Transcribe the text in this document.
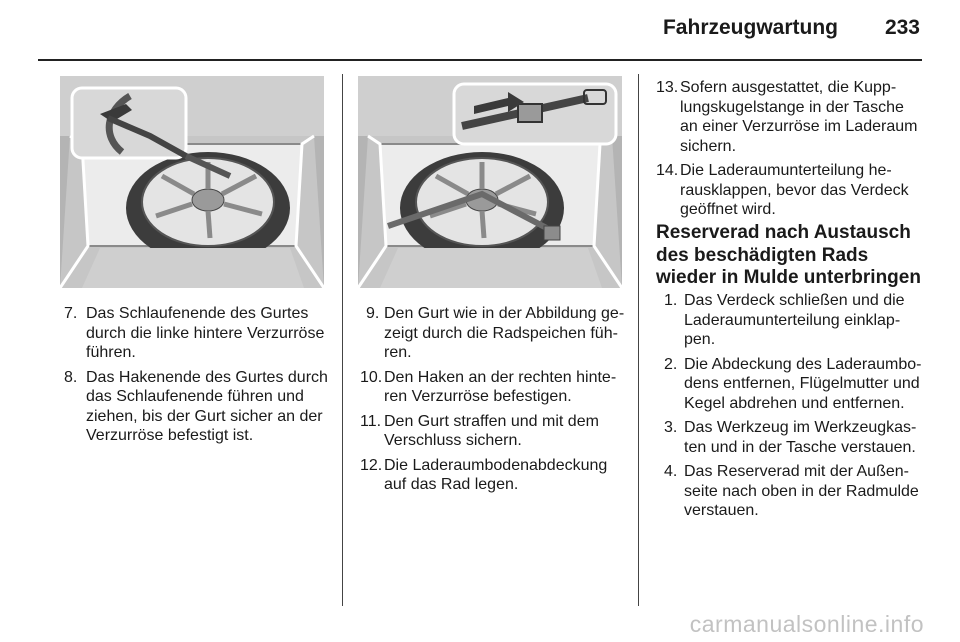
Fahrzeugwartung 233
7. Das Schlaufenende des Gurtes durch die linke hintere Verzurröse führen.
8. Das Hakenende des Gurtes durch das Schlaufenende führen und ziehen, bis der Gurt sicher an der Verzurröse befestigt ist.
9. Den Gurt wie in der Abbildung gezeigt durch die Radspeichen führen.
10. Den Haken an der rechten hinteren Verzurröse befestigen.
11. Den Gurt straffen und mit dem Verschluss sichern.
12. Die Laderaumbodenabdeckung auf das Rad legen.
13. Sofern ausgestattet, die Kupplungskugelstange in der Tasche an einer Verzurröse im Laderaum sichern.
14. Die Laderaumunterteilung herausklappen, bevor das Verdeck geöffnet wird.
Reserverad nach Austausch des beschädigten Rads wieder in Mulde unterbringen
1. Das Verdeck schließen und die Laderaumunterteilung einklappen.
2. Die Abdeckung des Laderaumbodens entfernen, Flügelmutter und Kegel abdrehen und entfernen.
3. Das Werkzeug im Werkzeugkasten und in der Tasche verstauen.
4. Das Reserverad mit der Außenseite nach oben in der Radmulde verstauen.
carmanualsonline.info
